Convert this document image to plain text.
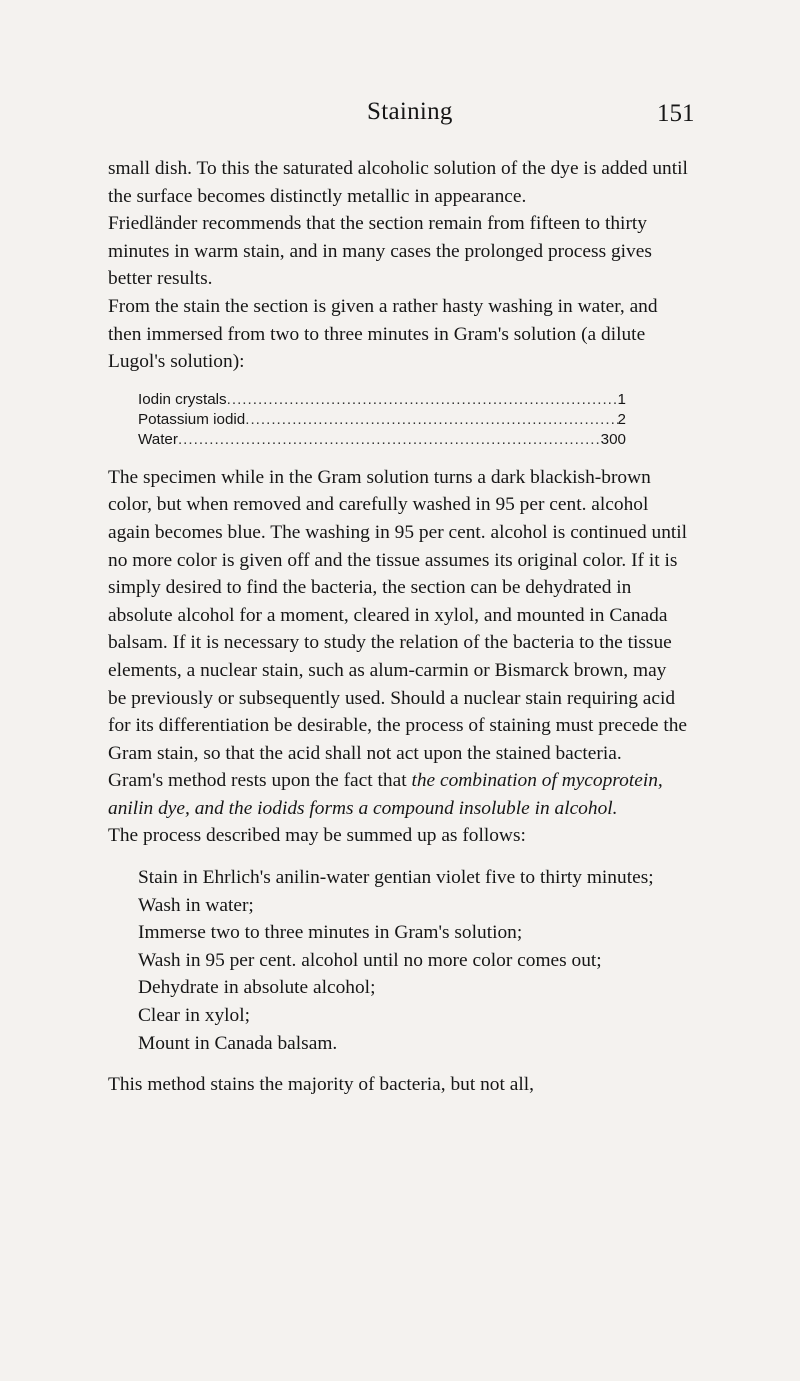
Staining	151

small dish. To this the saturated alcoholic solution of the dye is added until the surface becomes distinctly metallic in appearance.

Friedländer recommends that the section remain from fifteen to thirty minutes in warm stain, and in many cases the prolonged process gives better results.

From the stain the section is given a rather hasty washing in water, and then immersed from two to three minutes in Gram's solution (a dilute Lugol's solution):

Iodin crystals .....	1
Potassium iodid .....	2
Water .....	300

The specimen while in the Gram solution turns a dark blackish-brown color, but when removed and carefully washed in 95 per cent. alcohol again becomes blue. The washing in 95 per cent. alcohol is continued until no more color is given off and the tissue assumes its original color. If it is simply desired to find the bacteria, the section can be dehydrated in absolute alcohol for a moment, cleared in xylol, and mounted in Canada balsam. If it is necessary to study the relation of the bacteria to the tissue elements, a nuclear stain, such as alum-carmin or Bismarck brown, may be previously or subsequently used. Should a nuclear stain requiring acid for its differentiation be desirable, the process of staining must precede the Gram stain, so that the acid shall not act upon the stained bacteria.

Gram's method rests upon the fact that the combination of mycoprotein, anilin dye, and the iodids forms a compound insoluble in alcohol.

The process described may be summed up as follows:

Stain in Ehrlich's anilin-water gentian violet five to thirty minutes;
Wash in water;
Immerse two to three minutes in Gram's solution;
Wash in 95 per cent. alcohol until no more color comes out;
Dehydrate in absolute alcohol;
Clear in xylol;
Mount in Canada balsam.

This method stains the majority of bacteria, but not all,
